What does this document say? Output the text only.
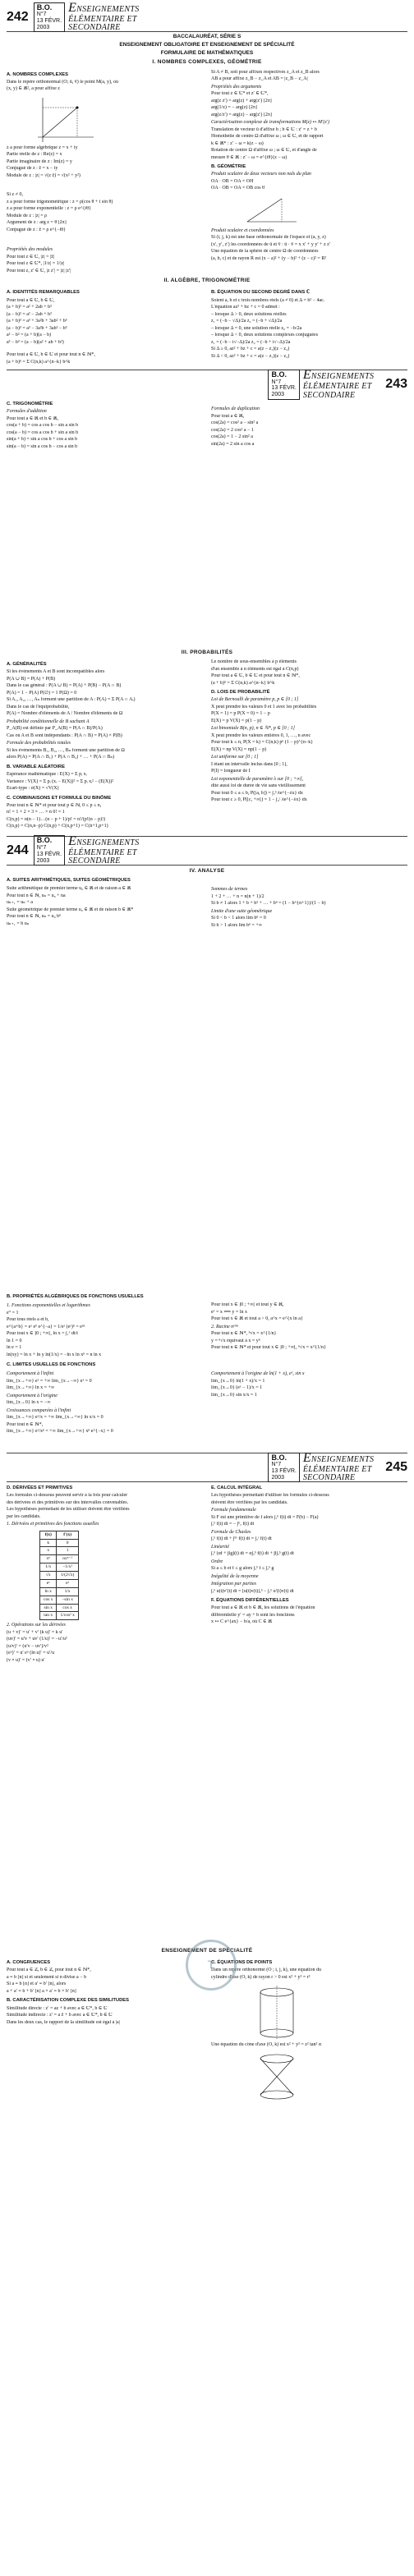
242
B.O.
N°7
13 FÉVR.
2003
ENSEIGNEMENTS
ÉLÉMENTAIRE ET
SECONDAIRE
BACCALAURÉAT, SÉRIE S
ENSEIGNEMENT OBLIGATOIRE ET ENSEIGNEMENT DE SPÉCIALITÉ
FORMULAIRE DE MATHÉMATIQUES
I. NOMBRES COMPLEXES, GÉOMÉTRIE
A. NOMBRES COMPLEXES
Dans le repère orthonormal (O; ū, v̄) le point M(a, y), où
(x, y) ∈ ℝ², a pour affixe z
z a pour forme algébrique z = x + iy
Partie réelle de z : Re(z) = x
Partie imaginaire de z : Im(z) = y
Conjugué de z : z̄ = x − iy
Module de z : |z| = √(z z̄) = √(x² + y²)
Si z ≠ 0,
z a pour forme trigonométrique : z = ρ(cos θ + i sin θ)
z a pour forme exponentielle : z = ρ e^{iθ}
Module de z : |z| = ρ
Argument de z : arg z = θ [2π]
Conjugué de z : z̄ = ρ e^{−iθ}
Propriétés des modules
Pour tout z ∈ ℂ, |z| = |z̄|
Pour tout z ∈ ℂ*, |1/z| = 1/|z|
Pour tout z, z′ ∈ ℂ, |z z′| = |z| |z′|
Si A ≠ B, soit pour affixes respectives z_A et z_B alors
AB a pour affixe z_B − z_A et AB = |z_B − z_A|
Propriétés des arguments
Pour tout z ∈ ℂ* et z′ ∈ ℂ*,
arg(z z′) = arg(z) + arg(z′) [2π]
arg(1/z) = − arg(z) [2π]
arg(z/z′) = arg(z) − arg(z′) [2π]
Caractérisation complexe de transformations M(z) ↦ M′(z′)
Translation de vecteur ū d'affixe b ; b ∈ ℂ : z′ = z + b
Homothétie de centre Ω d'affixe ω ; ω ∈ ℂ, et de rapport
k ∈ ℝ* : z′ − ω = k(z − ω)
Rotation de centre Ω d'affixe ω ; ω ∈ ℂ, et d'angle de
mesure θ ∈ ℝ : z′ − ω = e^{iθ}(z − ω)
B. GÉOMÉTRIE
Produit scalaire de deux vecteurs non nuls du plan
OA · OB = OA × OH
OA · OB = OA × OB cos θ
Produit scalaire et coordonnées
Si (i, j, k) est une base orthonormale de l'espace et (a, y, z)
(x′, y′, z′) les coordonnées de ū et v̄ : ū · v̄ = x x′ + y y′ + z z′
Une équation de la sphère de centre Ω de coordonnées
(a, b, c) et de rayon R est (x − a)² + (y − b)² + (z − c)² = R²
II. ALGÈBRE, TRIGONOMÉTRIE
A. IDENTITÉS REMARQUABLES
Pour tout a ∈ ℂ, b ∈ ℂ,
(a + b)² = a² + 2ab + b²
(a − b)² = a² − 2ab + b²
(a + b)³ = a³ + 3a²b + 3ab² + b³
(a − b)³ = a³ − 3a²b + 3ab² − b³
a² − b² = (a + b)(a − b)
a³ − b³ = (a − b)(a² + ab + b²)
Pour tout a ∈ ℂ, b ∈ ℂ et pour tout n ∈ ℕ*,
(a + b)ⁿ = Σ C(n,k) a^{n−k} b^k
B. ÉQUATION DU SECOND DEGRÉ DANS ℂ
Soient a, b et c trois nombres réels (a ≠ 0) et Δ = b² − 4ac.
L'équation az² + bz + c = 0 admet :
– lorsque Δ > 0, deux solutions réelles
z₁ = (−b − √Δ)/2a z₂ = (−b + √Δ)/2a
– lorsque Δ = 0, une solution réelle z₀ = −b/2a
– lorsque Δ < 0, deux solutions complexes conjuguées
z₁ = (−b − i√−Δ)/2a z₂ = (−b + i√−Δ)/2a
Si Δ ≥ 0, az² + bz + c = a(z − z₁)(z − z₂)
Si Δ < 0, az² + bz + c = a(z − z₁)(z − z₂)
B.O.
N°7
13 FÉVR.
2003
ENSEIGNEMENTS
ÉLÉMENTAIRE ET
SECONDAIRE
243
C. TRIGONOMÉTRIE
Formules d'addition
Pour tout a ∈ ℝ et b ∈ ℝ,
cos(a + b) = cos a cos b − sin a sin b
cos(a − b) = cos a cos b + sin a sin b
sin(a + b) = sin a cos b + cos a sin b
sin(a − b) = sin a cos b − cos a sin b
Formules de duplication
Pour tout a ∈ ℝ,
cos(2a) = cos² a − sin² a
cos(2a) = 2 cos² a − 1
cos(2a) = 1 − 2 sin² a
sin(2a) = 2 sin a cos a
III. PROBABILITÉS
A. GÉNÉRALITÉS
Si les événements A et B sont incompatibles alors
P(A ∪ B) = P(A) + P(B)
Dans le cas général : P(A ∪ B) = P(A) + P(B) − P(A ∩ B)
P(Ā) = 1 − P(A) P(∅) = 1 P(Ω) = 0
Si A₁, A₂, …, Aₙ forment une partition de A : P(A) = Σ P(A ∩ Aᵢ)
Dans le cas de l'équiprobabilité,
P(A) = Nombre d'éléments de A / Nombre d'éléments de Ω
Probabilité conditionnelle de B sachant A
P_A(B) est définie par P_A(B) = P(A ∩ B)/P(A)
Cas où A et B sont indépendants : P(A ∩ B) = P(A) × P(B)
Formule des probabilités totales
Si les événements B₁, B₂, …, Bₙ forment une partition de Ω
alors P(A) = P(A ∩ B₁) + P(A ∩ B₂) + … + P(A ∩ Bₙ)
B. VARIABLE ALÉATOIRE
Espérance mathématique : E(X) = Σ pᵢ xᵢ
Variance : V(X) = Σ pᵢ (xᵢ − E(X))² = Σ pᵢ xᵢ² − (E(X))²
Écart-type : σ(X) = √V(X)
C. COMBINAISONS ET FORMULE DU BINÔME
Pour tout n ∈ ℕ* et pour tout p ∈ ℕ, 0 ≤ p ≤ n,
n! = 1 × 2 × 3 × … × n 0! = 1
C(n,p) = n(n − 1)…(n − p + 1)/p! = n!/(p!(n − p)!)
C(n,p) = C(n,n−p) C(n,p) + C(n,p+1) = C(n+1,p+1)
Le nombre de sous-ensembles à p éléments
d'un ensemble à n éléments est égal à C(n,p)
Pour tout a ∈ ℂ, b ∈ ℂ et pour tout n ∈ ℕ*,
(a + b)ⁿ = Σ C(n,k) a^{n−k} b^k
D. LOIS DE PROBABILITÉ
Loi de Bernoulli de paramètre p, p ∈ [0 ; 1]
X peut prendre les valeurs 0 et 1 avec les probabilités
P(X = 1) = p P(X = 0) = 1 − p
E(X) = p V(X) = p(1 − p)
Loi binomiale B(n, p), n ∈ ℕ*, p ∈ [0 ; 1]
X peut prendre les valeurs entières 0, 1, …, n avec
Pour tout k ≤ n, P(X = k) = C(n,k) pᵏ (1 − p)^{n−k}
E(X) = np V(X) = np(1 − p)
Loi uniforme sur [0 ; 1]
I étant un intervalle inclus dans [0 ; 1],
P(I) = longueur de I
Loi exponentielle de paramètre λ sur [0 ; +∞[,
dite aussi loi de durée de vie sans vieillissement
Pour tout 0 ≤ a ≤ b, P([a, b]) = ∫ₐᵇ λe^{−λx} dx
Pour tout c ≥ 0, P([c, +∞[) = 1 − ∫₀ᶜ λe^{−λx} dx
244
B.O.
N°7
13 FÉVR.
2003
ENSEIGNEMENTS
ÉLÉMENTAIRE ET
SECONDAIRE
IV. ANALYSE
A. SUITES ARITHMÉTIQUES, SUITES GÉOMÉTRIQUES
Suite arithmétique de premier terme u₀ ∈ ℝ et de raison a ∈ ℝ
Pour tout n ∈ ℕ, uₙ = u₀ + na
uₙ₊₁ = uₙ + a
Suite géométrique de premier terme u₀ ∈ ℝ et de raison b ∈ ℝ*
Pour tout n ∈ ℕ, uₙ = u₀ bⁿ
uₙ₊₁ = b uₙ
Sommes de termes
1 + 2 + … + n = n(n + 1)/2
Si b ≠ 1 alors 1 + b + b² + … + bⁿ = (1 − b^{n+1})/(1 − b)
Limite d'une suite géométrique
Si 0 < b < 1 alors lim bⁿ = 0
Si b > 1 alors lim bⁿ = +∞
B. PROPRIÉTÉS ALGÉBRIQUES DE FONCTIONS USUELLES
1. Fonctions exponentielles et logarithmes
e⁰ = 1
Pour tous réels a et b,
e^{a+b} = eᵃ eᵇ e^{−a} = 1/eᵃ (eᵃ)ⁿ = eⁿᵃ
Pour tout x ∈ ]0 ; +∞[, ln x = ∫₁ˣ dt/t
ln 1 = 0
ln e = 1
ln(xy) = ln x + ln y ln(1/x) = −ln x ln xⁿ = n ln x
Pour tout x ∈ ]0 ; +∞[ et tout y ∈ ℝ,
eʸ = x ⟺ y = ln x
Pour tout x ∈ ℝ et tout a > 0, a^x = e^{x ln a}
2. Racine nᵉᵐᵉ
Pour tout n ∈ ℕ*, ⁿ√x = x^{1/n}
y = ⁿ√x équivaut à x = yⁿ
Pour tout n ∈ ℕ* et pour tout x ∈ ]0 ; +∞[, ⁿ√x = x^{1/n}
C. LIMITES USUELLES DE FONCTIONS
Comportement à l'infini
lim_{x→+∞} eˣ = +∞ lim_{x→−∞} eˣ = 0
lim_{x→+∞} ln x = +∞
Comportement à l'origine
lim_{x→0} ln x = −∞
Croissances comparées à l'infini
lim_{x→+∞} eˣ/x = +∞ lim_{x→+∞} ln x/x = 0
Pour tout n ∈ ℕ*,
lim_{x→+∞} eˣ/xⁿ = +∞ lim_{x→+∞} xⁿ e^{−x} = 0
Comportement à l'origine de ln(1 + x), eˣ, sin x
lim_{x→0} ln(1 + x)/x = 1
lim_{x→0} (eˣ − 1)/x = 1
lim_{x→0} sin x/x = 1
B.O.
N°7
13 FÉVR.
2003
ENSEIGNEMENTS
ÉLÉMENTAIRE ET
SECONDAIRE
245
D. DÉRIVÉES ET PRIMITIVES
Les formules ci-dessous peuvent servir à la fois pour calculer
des dérivées et des primitives sur des intervalles convenables.
Les hypothèses permettant de les utiliser doivent être vérifiées
par les candidats.
1. Dérivées et primitives des fonctions usuelles
f(x)	f′(x)
k	0
x	1
xⁿ	nxⁿ⁻¹
1/x	−1/x²
√x	1/(2√x)
eˣ	eˣ
ln x	1/x
cos x	−sin x
sin x	cos x
tan x	1/cos² x
2. Opérations sur les dérivées
(u + v)′ = u′ + v′ (k u)′ = k u′
(uv)′ = u′v + uv′ (1/u)′ = −u′/u²
(u/v)′ = (u′v − uv′)/v²
(eᵘ)′ = u′ eᵘ (ln u)′ = u′/u
(v ∘ u)′ = (v′ ∘ u) u′
E. CALCUL INTÉGRAL
Les hypothèses permettant d'utiliser les formules ci-dessous
doivent être vérifiées par les candidats.
Formule fondamentale
Si F est une primitive de f alors ∫ₐᵇ f(t) dt = F(b) − F(a)
∫ₐᵇ f(t) dt = − ∫ᵇₐ f(t) dt
Formule de Chasles
∫ₐᵇ f(t) dt + ∫ᵇᶜ f(t) dt = ∫ₐᶜ f(t) dt
Linéarité
∫ₐᵇ (αf + βg)(t) dt = α∫ₐᵇ f(t) dt + β∫ₐᵇ g(t) dt
Ordre
Si a ≤ b et f ≤ g alors ∫ₐᵇ f ≤ ∫ₐᵇ g
Inégalité de la moyenne
Intégration par parties
∫ₐᵇ u(t)v′(t) dt = [u(t)v(t)]ₐᵇ − ∫ₐᵇ u′(t)v(t) dt
F. ÉQUATIONS DIFFÉRENTIELLES
Pour tout a ∈ ℝ et b ∈ ℝ, les solutions de l'équation
différentielle y′ = ay + b sont les fonctions
x ↦ C e^{ax} − b/a, où C ∈ ℝ
ENSEIGNEMENT DE SPÉCIALITÉ
A. CONGRUENCES
Pour tout a ∈ ℤ, b ∈ ℤ, pour tout n ∈ ℕ*,
a ≡ b [n] si et seulement si n divise a − b
Si a ≡ b [n] et a′ ≡ b′ [n], alors
a + a′ ≡ b + b′ [n] a × a′ ≡ b × b′ [n]
B. CARACTÉRISATION COMPLEXE DES SIMILITUDES
Similitude directe : z′ = az + b avec a ∈ ℂ*, b ∈ ℂ
Similitude indirecte : z′ = a z̄ + b avec a ∈ ℂ*, b ∈ ℂ
Dans les deux cas, le rapport de la similitude est égal à |a|
C. ÉQUATIONS DE POINTS
Dans un repère orthonormé (O ; i, j, k), une équation du
cylindre d'axe (O, k) de rayon r > 0 est x² + y² = r²
Une équation du cône d'axe (O, k) est x² + y² = z² tan² α
T
